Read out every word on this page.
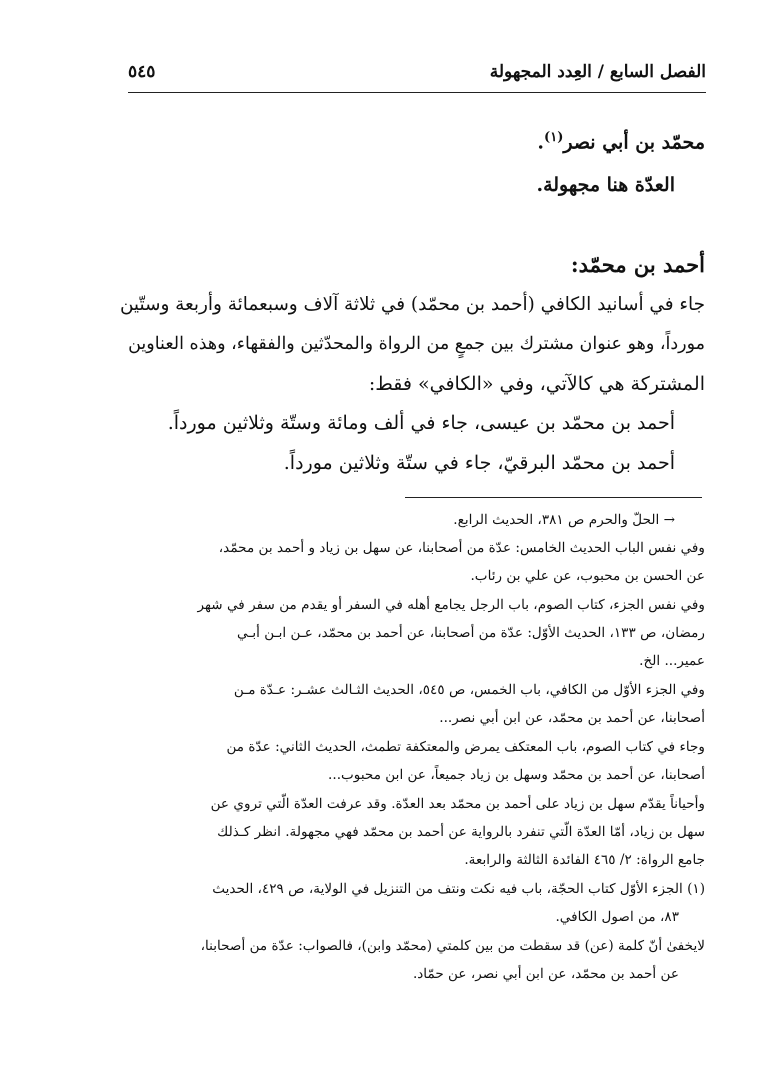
الفصل السابع / العِدد المجهولة
٥٤٥
محمّد بن أبي نصر$^{(١)}$.
العدّة هنا مجهولة.
أحمد بن محمّد:
جاء في أسانيد الكافي (أحمد بن محمّد) في ثلاثة آلاف وسبعمائة وأربعة وستّين
مورداً، وهو عنوان مشترك بين جمعٍ من الرواة والمحدّثين والفقهاء، وهذه العناوين
المشتركة هي كالآتي، وفي «الكافي» فقط:
أحمد بن محمّد بن عيسى، جاء في ألف ومائة وستّة وثلاثين مورداً.
أحمد بن محمّد البرقيّ، جاء في ستّة وثلاثين مورداً.
→ الحلّ والحرم ص ٣٨١، الحديث الرابع.
وفي نفس الباب الحديث الخامس: عدّة من أصحابنا، عن سهل بن زياد و أحمد بن محمّد،
عن الحسن بن محبوب، عن علي بن رئاب.
وفي نفس الجزء، كتاب الصوم، باب الرجل يجامع أهله في السفر أو يقدم من سفر في شهر
رمضان، ص ١٣٣، الحديث الأوّل: عدّة من أصحابنا، عن أحمد بن محمّد، عـن ابـن أبـي
عمير... الخ.
وفي الجزء الأوّل من الكافي، باب الخمس، ص ٥٤٥، الحديث الثـالث عشـر: عـدّة مـن
أصحابنا، عن أحمد بن محمّد، عن ابن أبي نصر...
وجاء في كتاب الصوم، باب المعتكف يمرض والمعتكفة تطمث، الحديث الثاني: عدّة من
أصحابنا، عن أحمد بن محمّد وسهل بن زياد جميعاً، عن ابن محبوب...
وأحياناً يقدّم سهل بن زياد على أحمد بن محمّد بعد العدّة. وقد عرفت العدّة الّتي تروي عن
سهل بن زياد، أمّا العدّة الّتي تنفرد بالرواية عن أحمد بن محمّد فهي مجهولة. انظر كـذلك
جامع الرواة: ٢/ ٤٦٥ الفائدة الثالثة والرابعة.
(١) الجزء الأوّل كتاب الحجّة، باب فيه نكت ونتف من التنزيل في الولاية، ص ٤٢٩، الحديث
٨٣، من اصول الكافي.
لايخفىٰ أنّ كلمة (عن) قد سقطت من بين كلمتي (محمّد وابن)، فالصواب: عدّة من أصحابنا،
عن أحمد بن محمّد، عن ابن أبي نصر، عن حمّاد.
